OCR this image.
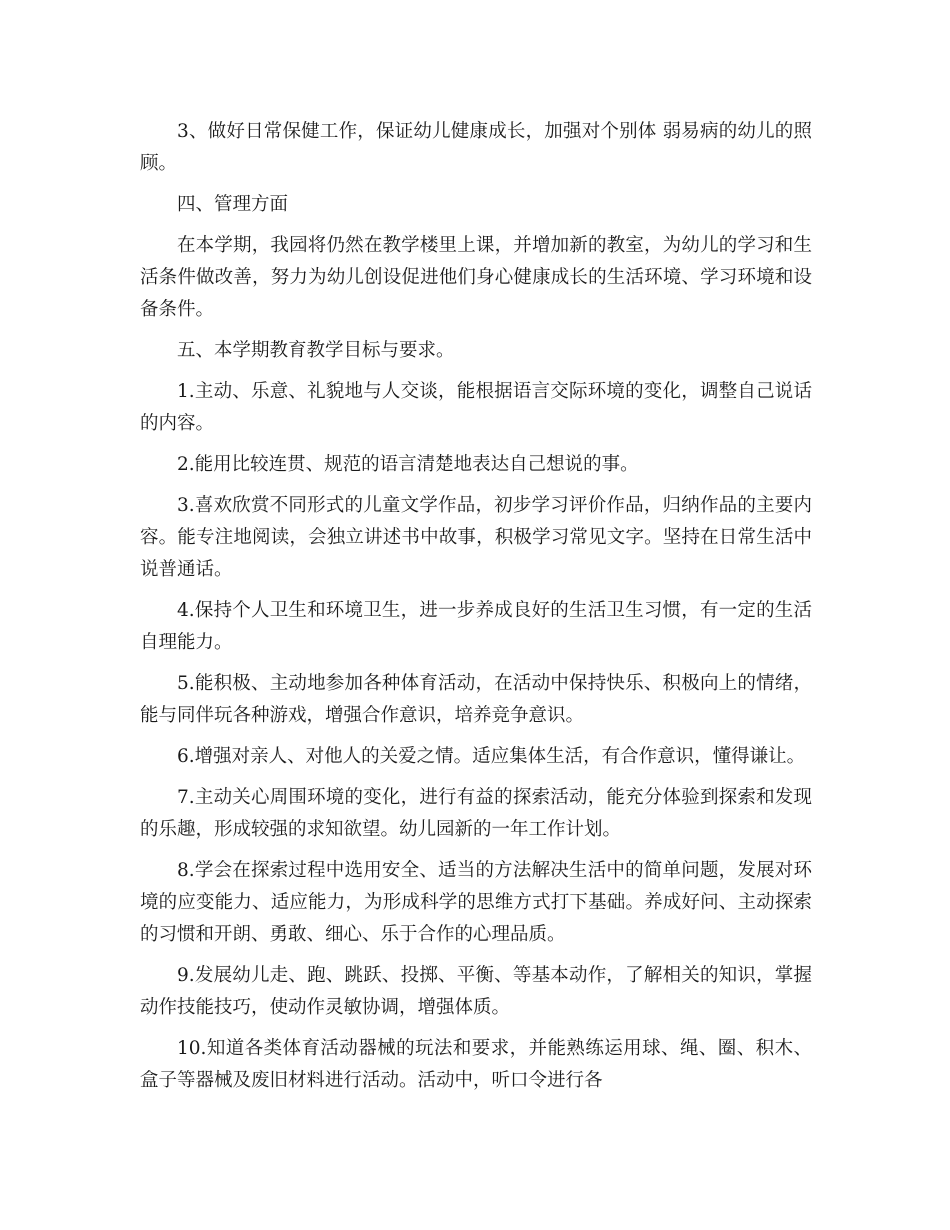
3、做好日常保健工作，保证幼儿健康成长，加强对个别体 弱易病的幼儿的照顾。

四、管理方面

在本学期，我园将仍然在教学楼里上课，并增加新的教室，为幼儿的学习和生活条件做改善，努力为幼儿创设促进他们身心健康成长的生活环境、学习环境和设备条件。

五、本学期教育教学目标与要求。

1.主动、乐意、礼貌地与人交谈，能根据语言交际环境的变化，调整自己说话的内容。

2.能用比较连贯、规范的语言清楚地表达自己想说的事。

3.喜欢欣赏不同形式的儿童文学作品，初步学习评价作品，归纳作品的主要内容。能专注地阅读，会独立讲述书中故事，积极学习常见文字。坚持在日常生活中说普通话。

4.保持个人卫生和环境卫生，进一步养成良好的生活卫生习惯，有一定的生活自理能力。

5.能积极、主动地参加各种体育活动，在活动中保持快乐、积极向上的情绪，能与同伴玩各种游戏，增强合作意识，培养竞争意识。

6.增强对亲人、对他人的关爱之情。适应集体生活，有合作意识，懂得谦让。

7.主动关心周围环境的变化，进行有益的探索活动，能充分体验到探索和发现的乐趣，形成较强的求知欲望。幼儿园新的一年工作计划。

8.学会在探索过程中选用安全、适当的方法解决生活中的简单问题，发展对环境的应变能力、适应能力，为形成科学的思维方式打下基础。养成好问、主动探索的习惯和开朗、勇敢、细心、乐于合作的心理品质。

9.发展幼儿走、跑、跳跃、投掷、平衡、等基本动作，了解相关的知识，掌握动作技能技巧，使动作灵敏协调，增强体质。

10.知道各类体育活动器械的玩法和要求，并能熟练运用球、绳、圈、积木、盒子等器械及废旧材料进行活动。活动中，听口令进行各
